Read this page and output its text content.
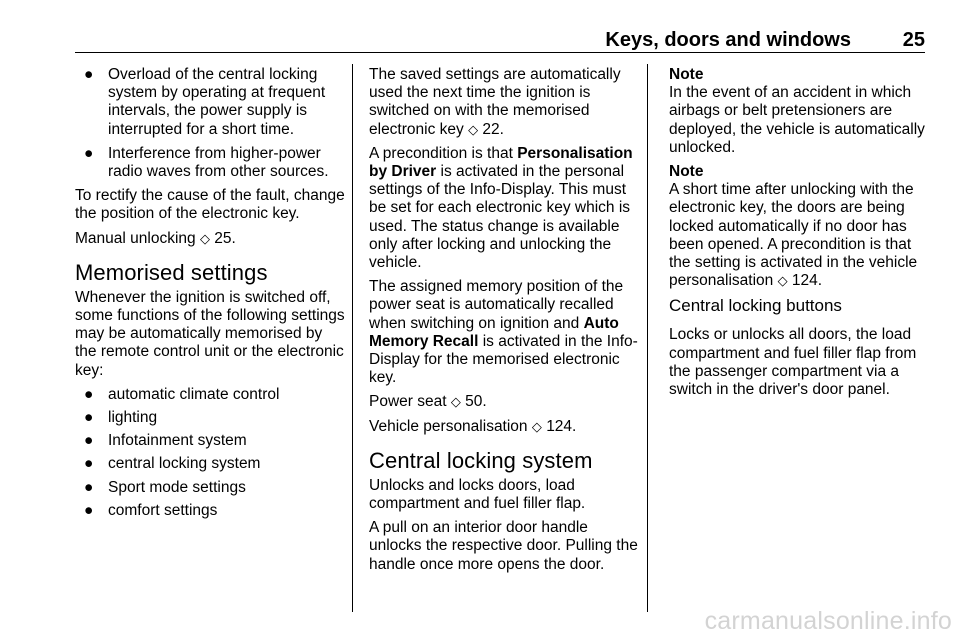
Keys, doors and windows	25
● Overload of the central locking system by operating at frequent intervals, the power supply is interrupted for a short time.
● Interference from higher-power radio waves from other sources.

To rectify the cause of the fault, change the position of the electronic key.

Manual unlocking ◇ 25.

Memorised settings

Whenever the ignition is switched off, some functions of the following settings may be automatically memorised by the remote control unit or the electronic key:

● automatic climate control
● lighting
● Infotainment system
● central locking system
● Sport mode settings
● comfort settings

The saved settings are automatically used the next time the ignition is switched on with the memorised electronic key ◇ 22.

A precondition is that Personalisation by Driver is activated in the personal settings of the Info-Display. This must be set for each electronic key which is used. The status change is available only after locking and unlocking the vehicle.

The assigned memory position of the power seat is automatically recalled when switching on ignition and Auto Memory Recall is activated in the Info-Display for the memorised electronic key.

Power seat ◇ 50.

Vehicle personalisation ◇ 124.

Central locking system

Unlocks and locks doors, load compartment and fuel filler flap.

A pull on an interior door handle unlocks the respective door. Pulling the handle once more opens the door.

Note

In the event of an accident in which airbags or belt pretensioners are deployed, the vehicle is automatically unlocked.

Note

A short time after unlocking with the electronic key, the doors are being locked automatically if no door has been opened. A precondition is that the setting is activated in the vehicle personalisation ◇ 124.

Central locking buttons

Locks or unlocks all doors, the load compartment and fuel filler flap from the passenger compartment via a switch in the driver's door panel.

carmanualsonline.info
